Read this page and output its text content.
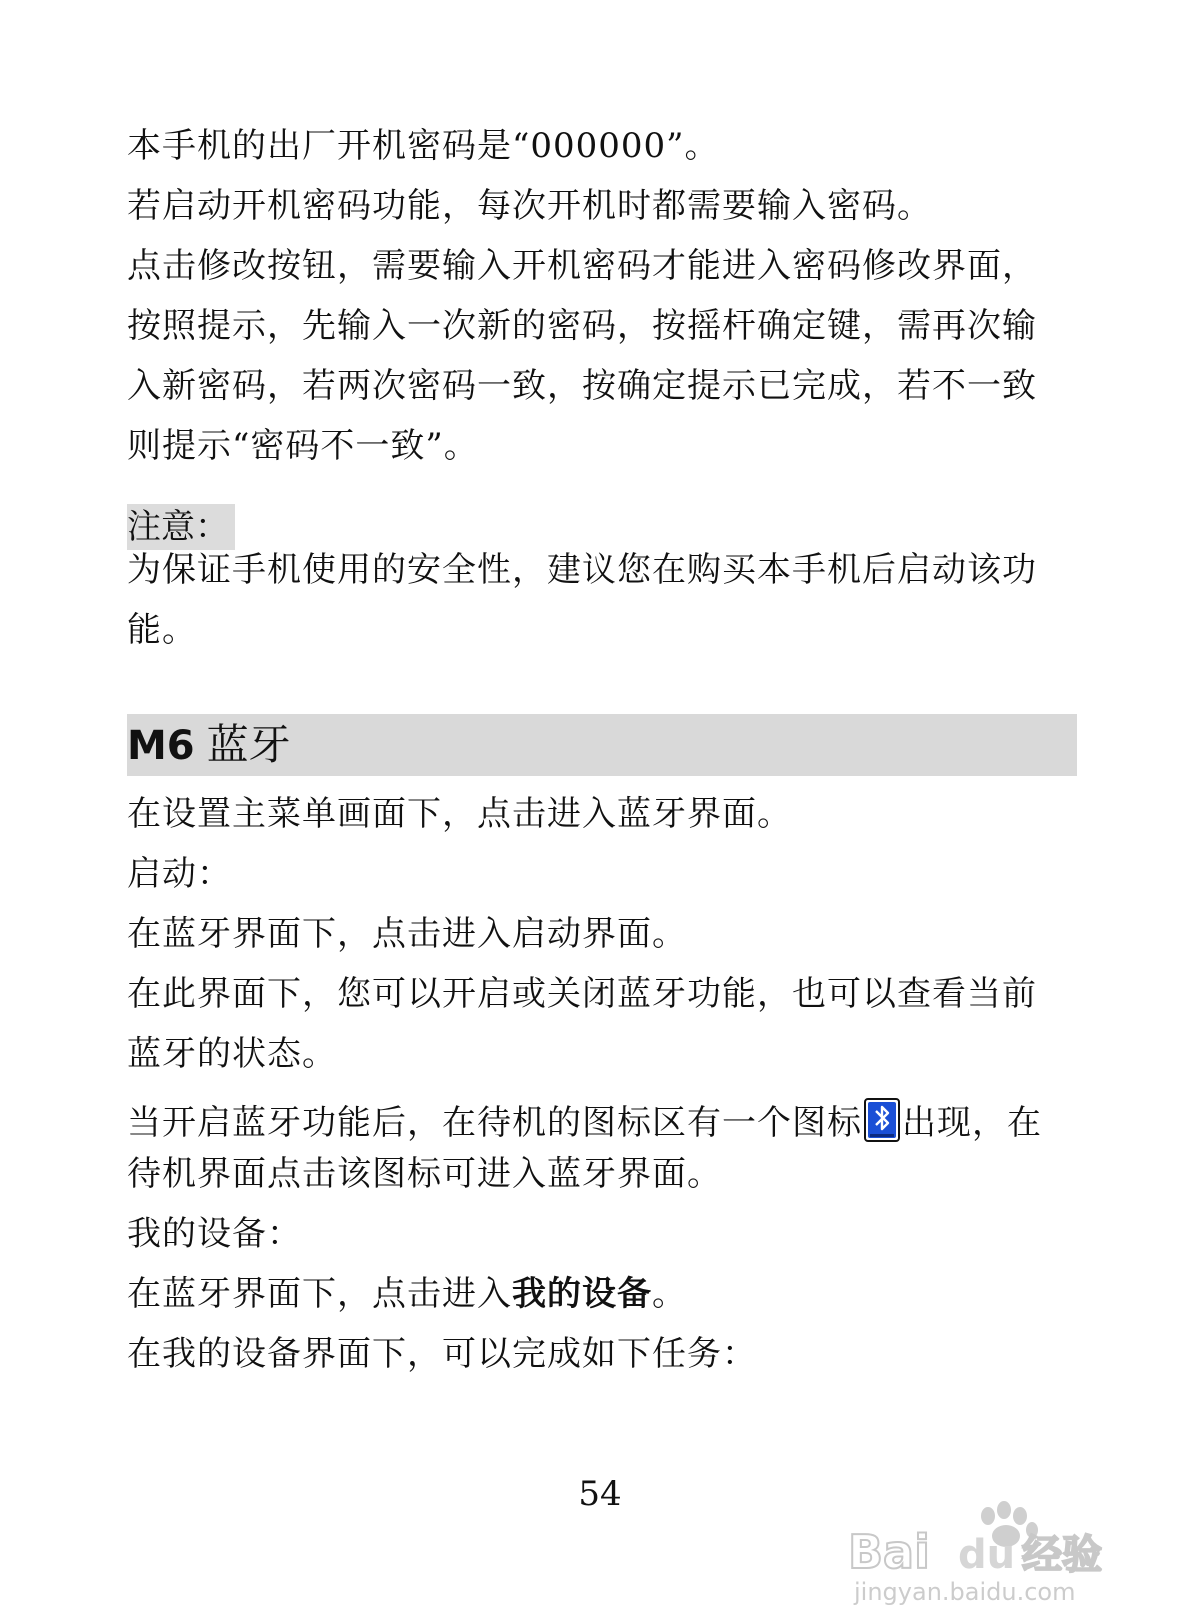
本手机的出厂开机密码是“000000”。
若启动开机密码功能，每次开机时都需要输入密码。
点击修改按钮，需要输入开机密码才能进入密码修改界面，
按照提示，先输入一次新的密码，按摇杆确定键，需再次输
入新密码，若两次密码一致，按确定提示已完成，若不一致
则提示“密码不一致”。
注意：
为保证手机使用的安全性，建议您在购买本手机后启动该功
能。
M6 蓝牙
在设置主菜单画面下，点击进入蓝牙界面。
启动：
在蓝牙界面下，点击进入启动界面。
在此界面下，您可以开启或关闭蓝牙功能，也可以查看当前
蓝牙的状态。
当开启蓝牙功能后，在待机的图标区有一个图标 出现，在
待机界面点击该图标可进入蓝牙界面。
我的设备：
在蓝牙界面下，点击进入我的设备。
在我的设备界面下，可以完成如下任务：
54
Bai du 经验
jingyan.baidu.com
